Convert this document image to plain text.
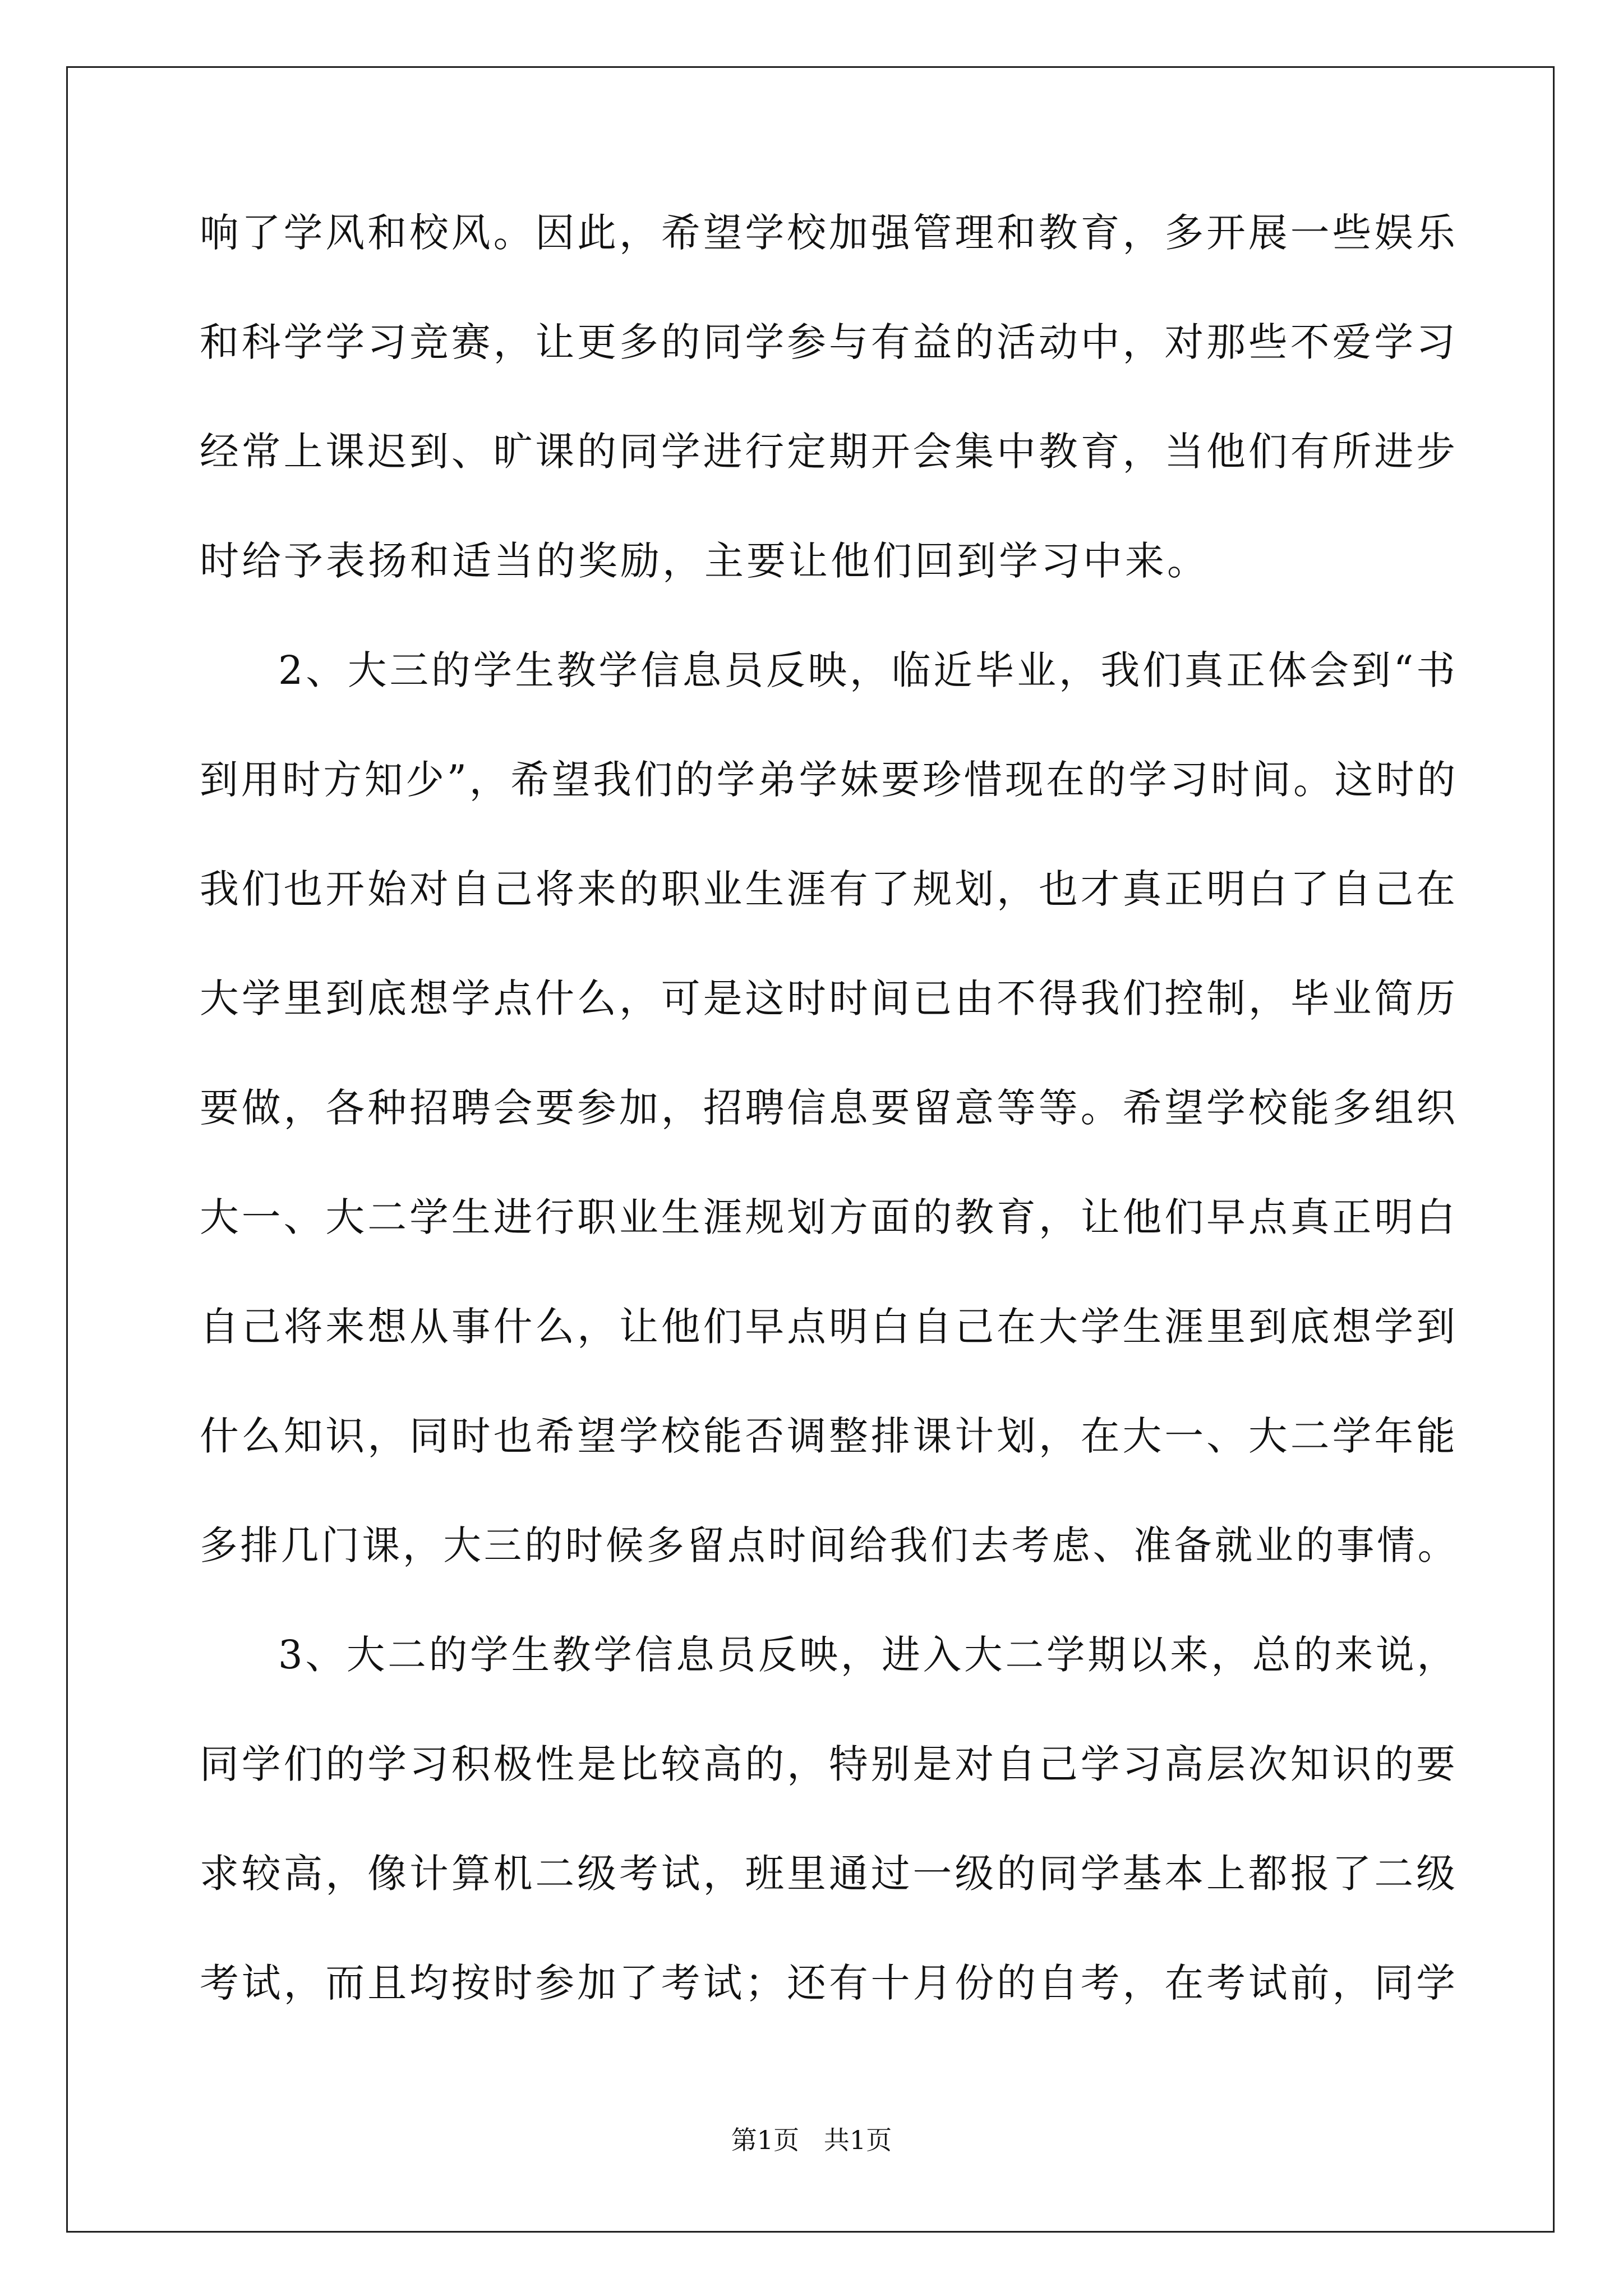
响了学风和校风。因此，希望学校加强管理和教育，多开展一些娱乐
和科学学习竞赛，让更多的同学参与有益的活动中，对那些不爱学习
经常上课迟到、旷课的同学进行定期开会集中教育，当他们有所进步
时给予表扬和适当的奖励，主要让他们回到学习中来。
2、大三的学生教学信息员反映，临近毕业，我们真正体会到“书
到用时方知少”，希望我们的学弟学妹要珍惜现在的学习时间。这时的
我们也开始对自己将来的职业生涯有了规划，也才真正明白了自己在
大学里到底想学点什么，可是这时时间已由不得我们控制，毕业简历
要做，各种招聘会要参加，招聘信息要留意等等。希望学校能多组织
大一、大二学生进行职业生涯规划方面的教育，让他们早点真正明白
自己将来想从事什么，让他们早点明白自己在大学生涯里到底想学到
什么知识，同时也希望学校能否调整排课计划，在大一、大二学年能
多排几门课，大三的时候多留点时间给我们去考虑、准备就业的事情。
3、大二的学生教学信息员反映，进入大二学期以来，总的来说，
同学们的学习积极性是比较高的，特别是对自己学习高层次知识的要
求较高，像计算机二级考试，班里通过一级的同学基本上都报了二级
考试，而且均按时参加了考试；还有十月份的自考，在考试前，同学
第1页   共1页
